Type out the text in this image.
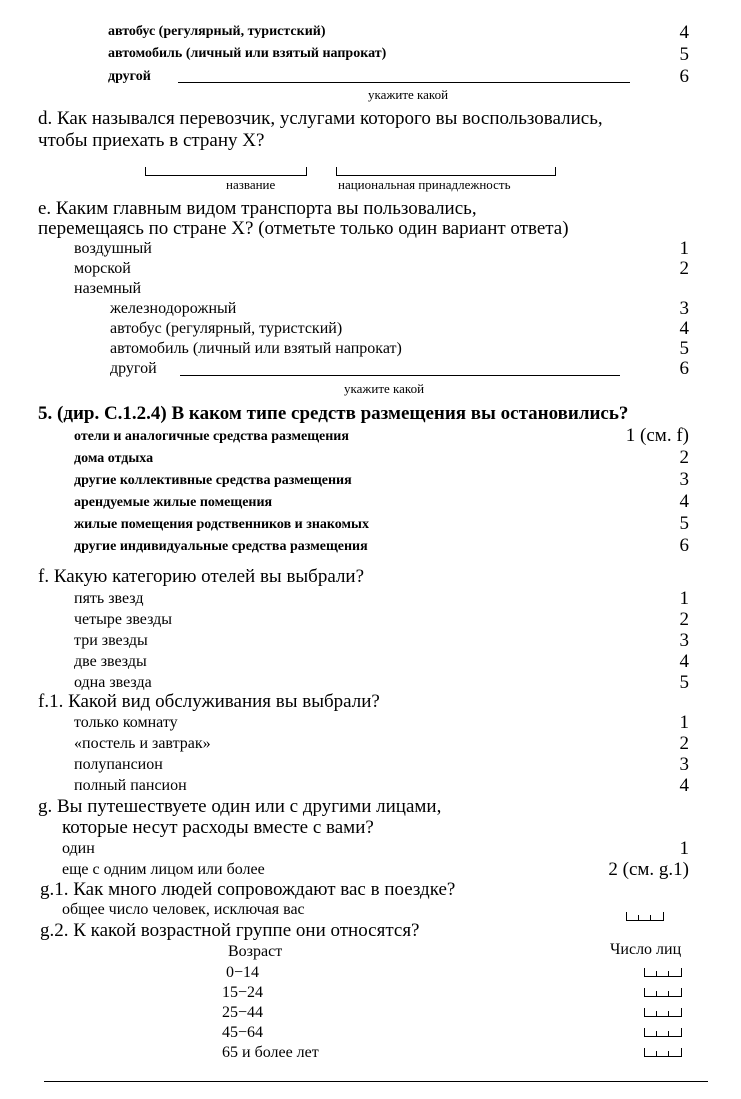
автобус (регулярный, туристский)	4
автомобиль (личный или взятый напрокат)	5
другой	6
укажите какой
d. Как назывался перевозчик, услугами которого вы воспользовались,
чтобы приехать в страну X?
название	национальная принадлежность
е. Каким главным видом транспорта вы пользовались,
перемещаясь по стране X? (отметьте только один вариант ответа)
воздушный	1
морской	2
наземный
железнодорожный	3
автобус (регулярный, туристский)	4
автомобиль (личный или взятый напрокат)	5
другой	6
укажите какой
5. (дир. С.1.2.4) В каком типе средств размещения вы остановились?
отели и аналогичные средства размещения	1 (см. f)
дома отдыха	2
другие коллективные средства размещения	3
арендуемые жилые помещения	4
жилые помещения родственников и знакомых	5
другие индивидуальные средства размещения	6
f. Какую категорию отелей вы выбрали?
пять звезд	1
четыре звезды	2
три звезды	3
две звезды	4
одна звезда	5
f.1. Какой вид обслуживания вы выбрали?
только комнату	1
«постель и завтрак»	2
полупансион	3
полный пансион	4
g. Вы путешествуете один или с другими лицами,
которые несут расходы вместе с вами?
один	1
еще с одним лицом или более	2 (см. g.1)
g.1. Как много людей сопровождают вас в поездке?
общее число человек, исключая вас
g.2. К какой возрастной группе они относятся?
Возраст	Число лиц
0−14
15−24
25−44
45−64
65 и более лет
